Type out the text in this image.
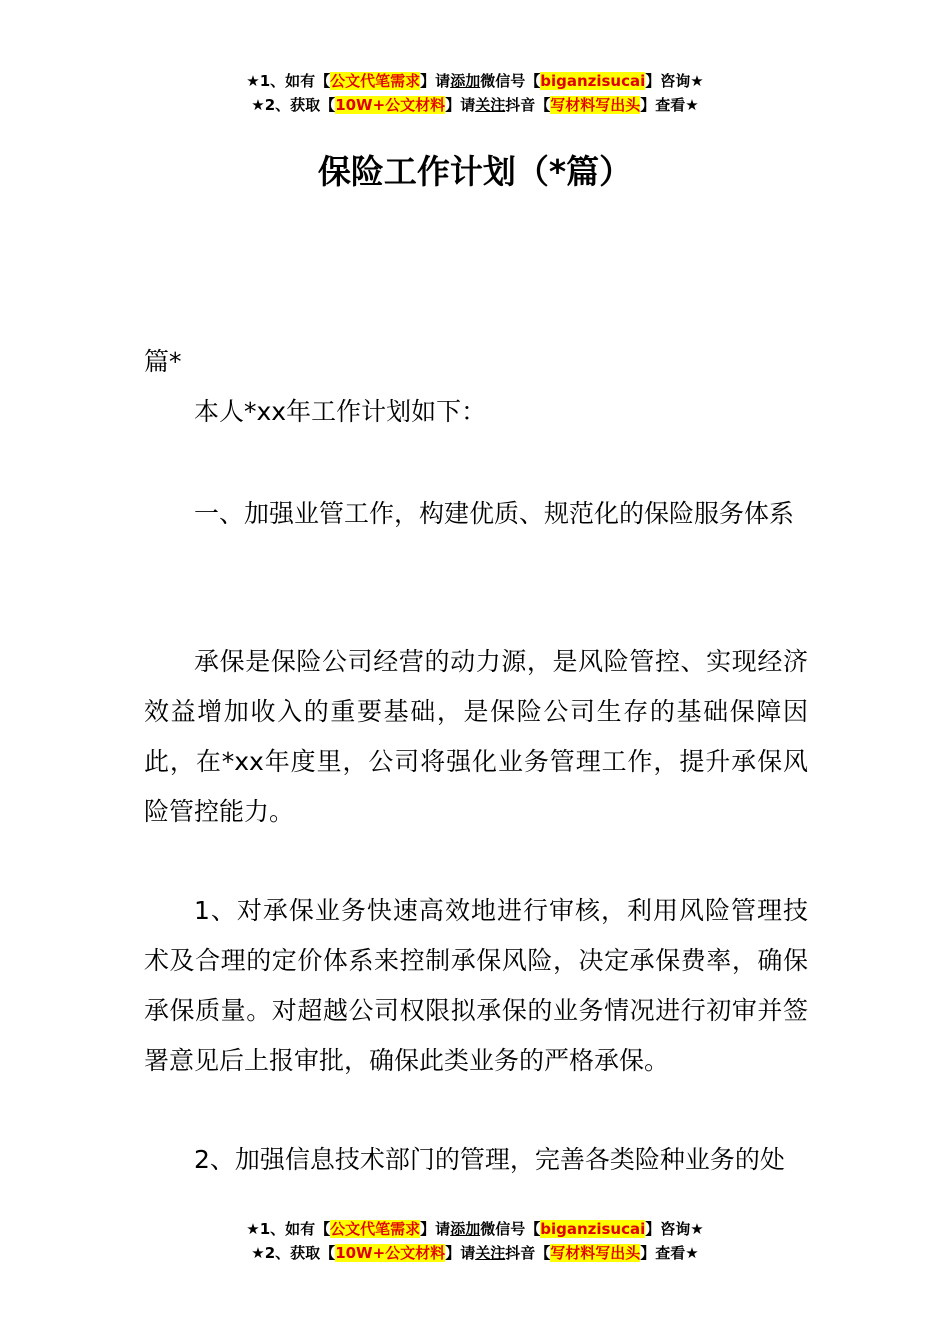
★1、如有【公文代笔需求】请添加微信号【biganzisucai】咨询★
★2、获取【10W+公文材料】请关注抖音【写材料写出头】查看★
保险工作计划（*篇）

篇*

本人*xx年工作计划如下：

一、加强业管工作，构建优质、规范化的保险服务体系

承保是保险公司经营的动力源，是风险管控、实现经济效益增加收入的重要基础，是保险公司生存的基础保障因此，在*xx年度里，公司将强化业务管理工作，提升承保风险管控能力。

1、对承保业务快速高效地进行审核，利用风险管理技术及合理的定价体系来控制承保风险，决定承保费率，确保承保质量。对超越公司权限拟承保的业务情况进行初审并签署意见后上报审批，确保此类业务的严格承保。

2、加强信息技术部门的管理，完善各类险种业务的处

★1、如有【公文代笔需求】请添加微信号【biganzisucai】咨询★
★2、获取【10W+公文材料】请关注抖音【写材料写出头】查看★
